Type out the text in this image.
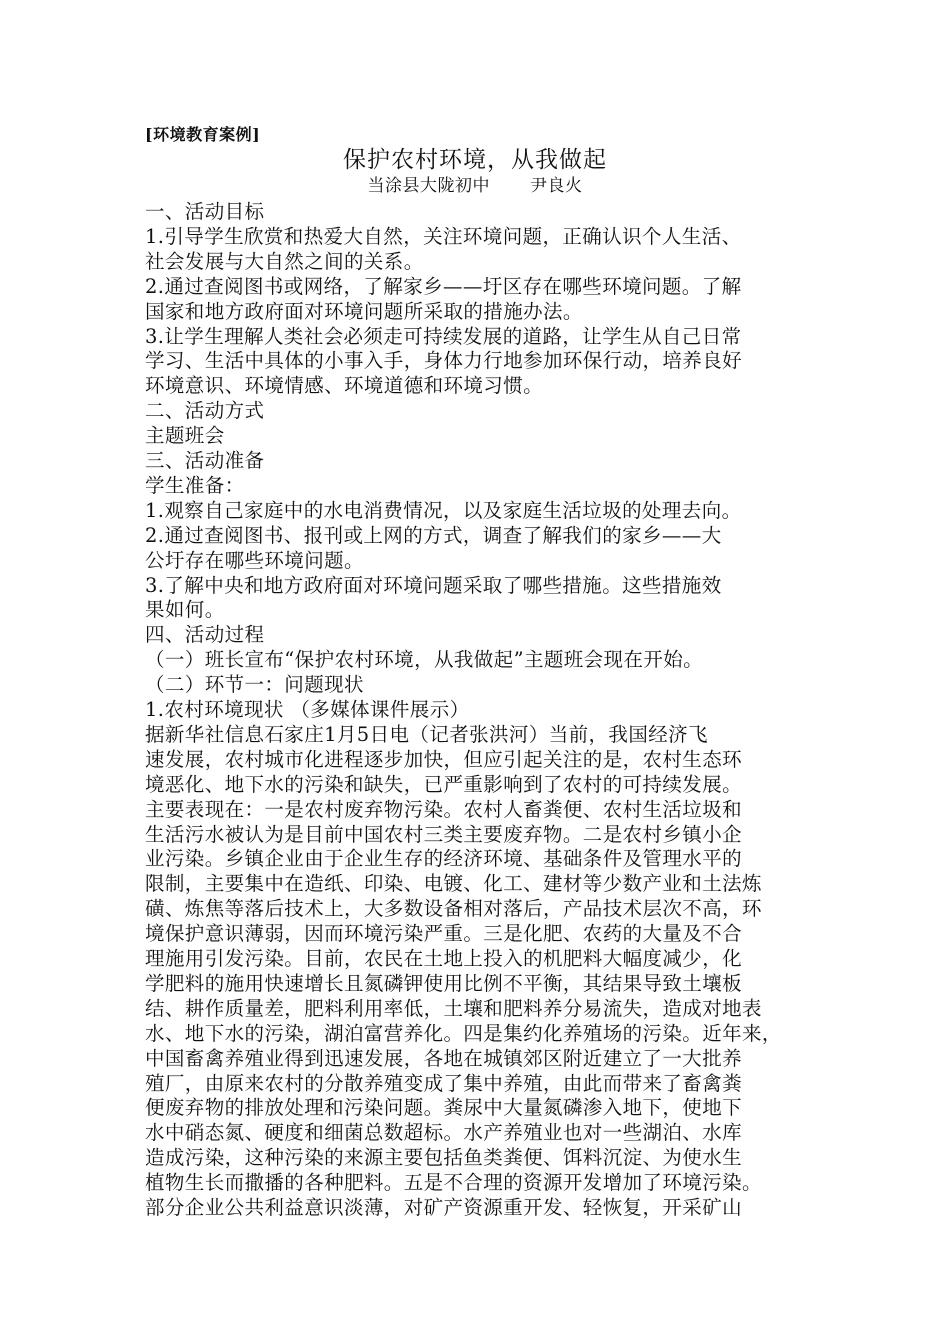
[环境教育案例]
保护农村环境，从我做起
当涂县大陇初中 尹良火
一、活动目标
1.引导学生欣赏和热爱大自然，关注环境问题，正确认识个人生活、
社会发展与大自然之间的关系。
2.通过查阅图书或网络，了解家乡——圩区存在哪些环境问题。了解
国家和地方政府面对环境问题所采取的措施办法。
3.让学生理解人类社会必须走可持续发展的道路，让学生从自己日常
学习、生活中具体的小事入手，身体力行地参加环保行动，培养良好
环境意识、环境情感、环境道德和环境习惯。
二、活动方式
主题班会
三、活动准备
学生准备：
1.观察自己家庭中的水电消费情况，以及家庭生活垃圾的处理去向。
2.通过查阅图书、报刊或上网的方式，调查了解我们的家乡——大
公圩存在哪些环境问题。
3.了解中央和地方政府面对环境问题采取了哪些措施。这些措施效
果如何。
四、活动过程
（一）班长宣布“保护农村环境，从我做起”主题班会现在开始。
（二）环节一：问题现状
1.农村环境现状 （多媒体课件展示）
据新华社信息石家庄1月5日电（记者张洪河）当前，我国经济飞
速发展，农村城市化进程逐步加快，但应引起关注的是，农村生态环
境恶化、地下水的污染和缺失，已严重影响到了农村的可持续发展。
主要表现在：一是农村废弃物污染。农村人畜粪便、农村生活垃圾和
生活污水被认为是目前中国农村三类主要废弃物。二是农村乡镇小企
业污染。乡镇企业由于企业生存的经济环境、基础条件及管理水平的
限制，主要集中在造纸、印染、电镀、化工、建材等少数产业和土法炼
磺、炼焦等落后技术上，大多数设备相对落后，产品技术层次不高，环
境保护意识薄弱，因而环境污染严重。三是化肥、农药的大量及不合
理施用引发污染。目前，农民在土地上投入的机肥料大幅度减少，化
学肥料的施用快速增长且氮磷钾使用比例不平衡，其结果导致土壤板
结、耕作质量差，肥料利用率低，土壤和肥料养分易流失，造成对地表
水、地下水的污染，湖泊富营养化。四是集约化养殖场的污染。近年来，
中国畜禽养殖业得到迅速发展，各地在城镇郊区附近建立了一大批养
殖厂，由原来农村的分散养殖变成了集中养殖，由此而带来了畜禽粪
便废弃物的排放处理和污染问题。粪尿中大量氮磷渗入地下，使地下
水中硝态氮、硬度和细菌总数超标。水产养殖业也对一些湖泊、水库
造成污染，这种污染的来源主要包括鱼类粪便、饵料沉淀、为使水生
植物生长而撒播的各种肥料。五是不合理的资源开发增加了环境污染。
部分企业公共利益意识淡薄，对矿产资源重开发、轻恢复，开采矿山
